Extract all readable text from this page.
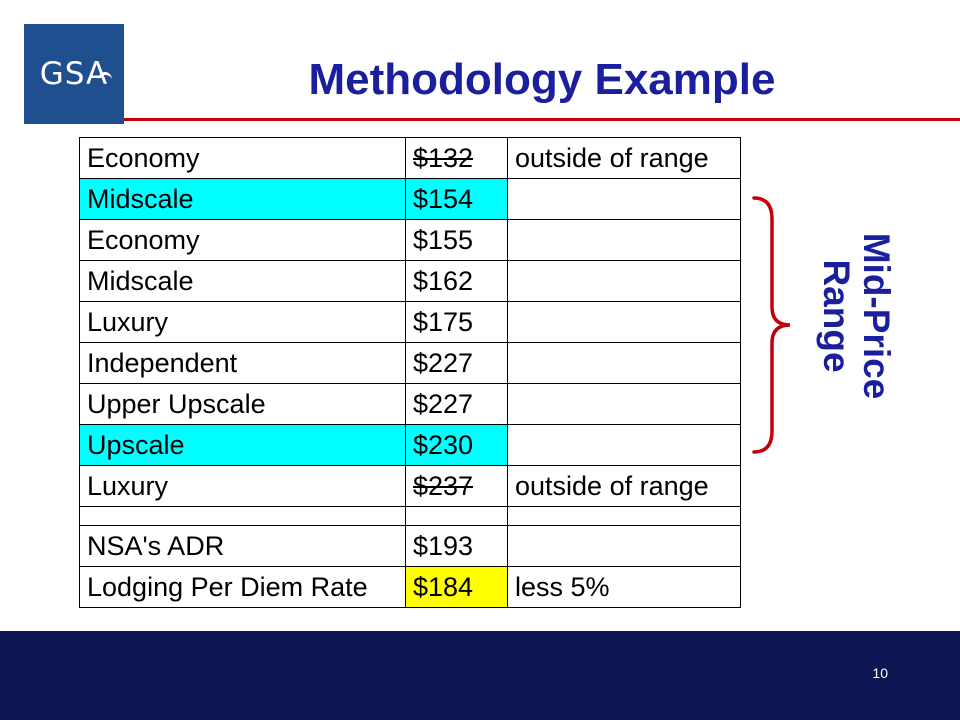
GSA	Methodology Example
Economy	$132	outside of range
Midscale	$154	
Economy	$155	
Midscale	$162	
Luxury	$175	
Independent	$227	
Upper Upscale	$227	
Upscale	$230	
Luxury	$237	outside of range

NSA's ADR	$193	
Lodging Per Diem Rate	$184	less 5%
Mid-Price
Range
10
